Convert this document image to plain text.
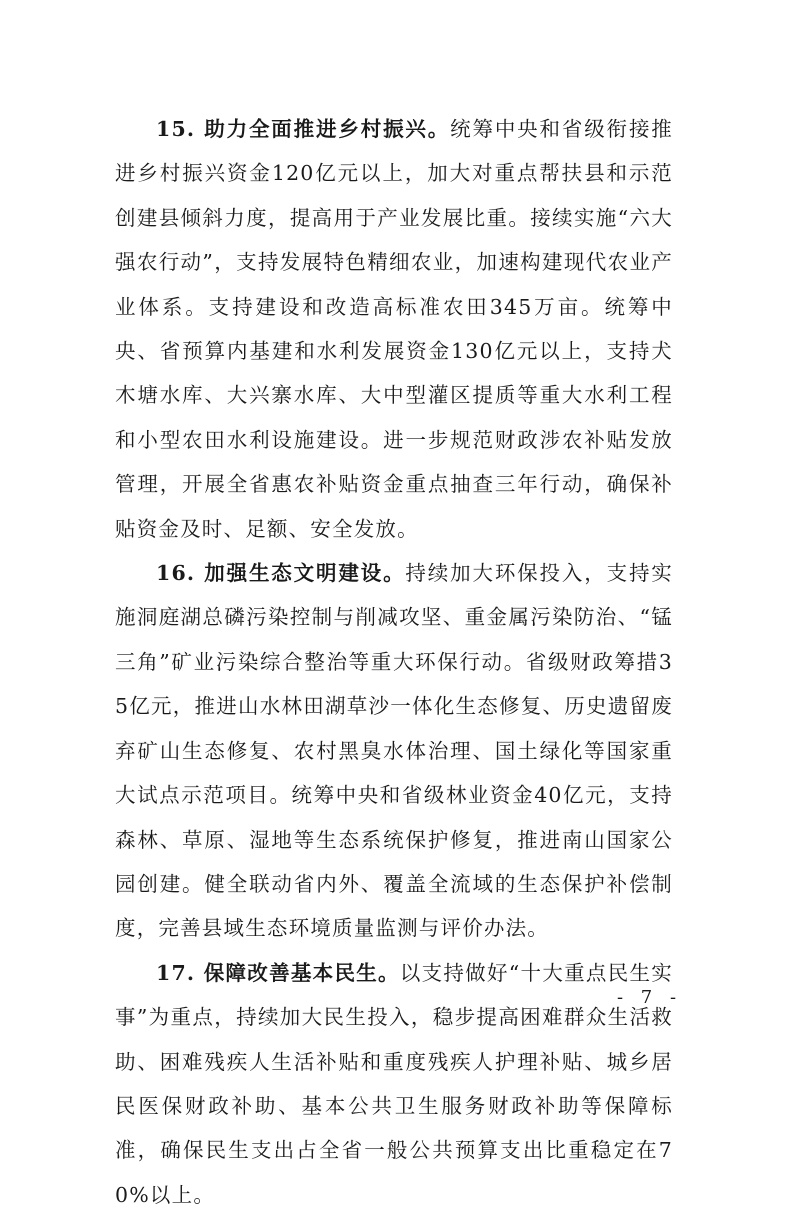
15. 助力全面推进乡村振兴。统筹中央和省级衔接推进乡村振兴资金120亿元以上，加大对重点帮扶县和示范创建县倾斜力度，提高用于产业发展比重。接续实施“六大强农行动”，支持发展特色精细农业，加速构建现代农业产业体系。支持建设和改造高标准农田345万亩。统筹中央、省预算内基建和水利发展资金130亿元以上，支持犬木塘水库、大兴寨水库、大中型灌区提质等重大水利工程和小型农田水利设施建设。进一步规范财政涉农补贴发放管理，开展全省惠农补贴资金重点抽查三年行动，确保补贴资金及时、足额、安全发放。

16. 加强生态文明建设。持续加大环保投入，支持实施洞庭湖总磷污染控制与削减攻坚、重金属污染防治、“锰三角”矿业污染综合整治等重大环保行动。省级财政筹措35亿元，推进山水林田湖草沙一体化生态修复、历史遗留废弃矿山生态修复、农村黑臭水体治理、国土绿化等国家重大试点示范项目。统筹中央和省级林业资金40亿元，支持森林、草原、湿地等生态系统保护修复，推进南山国家公园创建。健全联动省内外、覆盖全流域的生态保护补偿制度，完善县域生态环境质量监测与评价办法。

17. 保障改善基本民生。以支持做好“十大重点民生实事”为重点，持续加大民生投入，稳步提高困难群众生活救助、困难残疾人生活补贴和重度残疾人护理补贴、城乡居民医保财政补助、基本公共卫生服务财政补助等保障标准，确保民生支出占全省一般公共预算支出比重稳定在70%以上。

- 7 -
